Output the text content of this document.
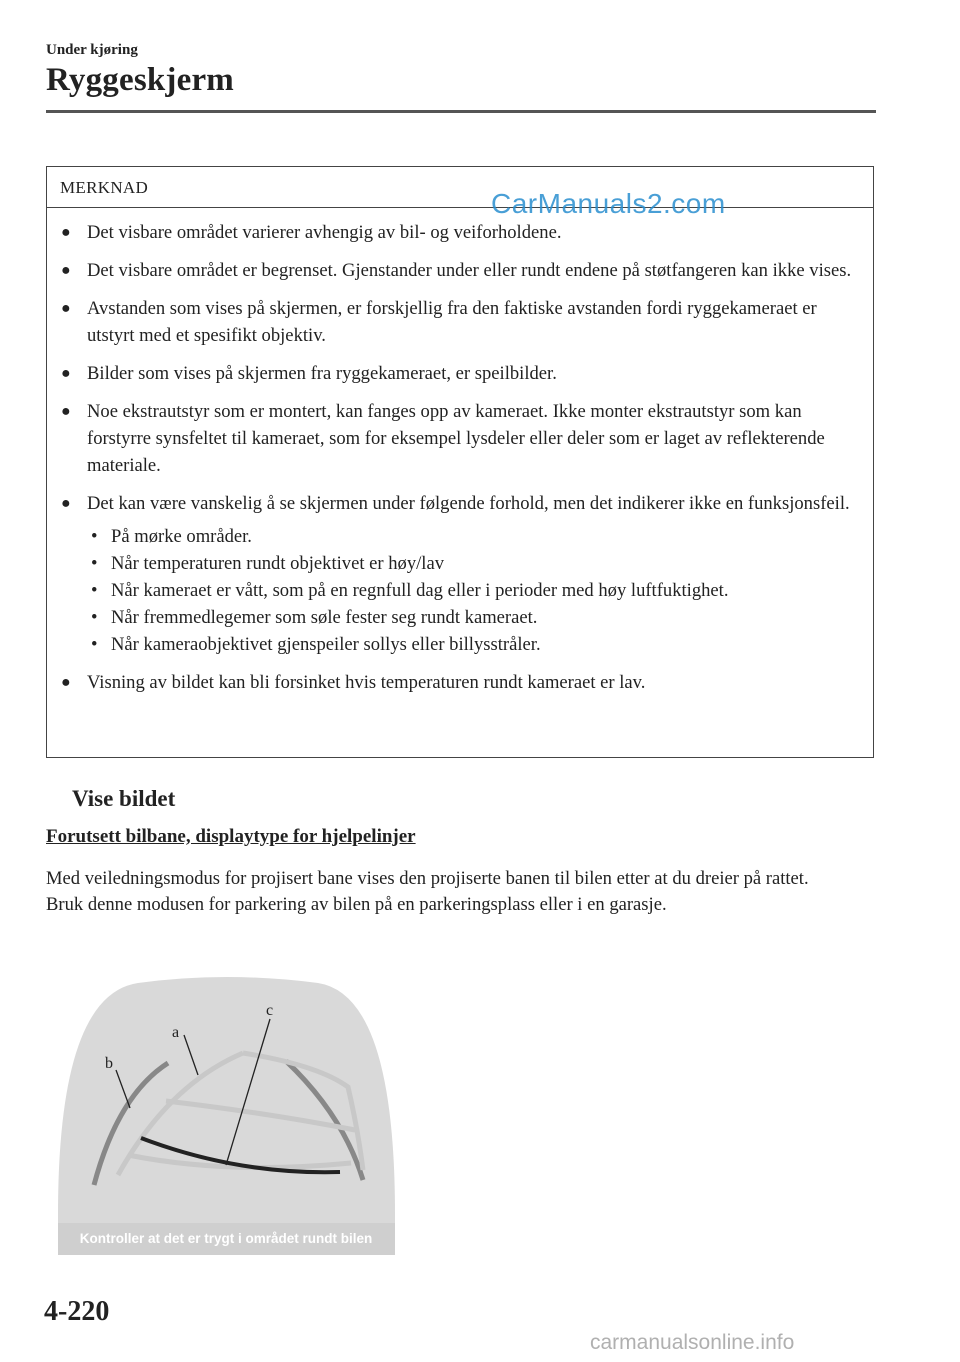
Under kjøring
Ryggeskjerm
MERKNAD
● Det visbare området varierer avhengig av bil- og veiforholdene.
● Det visbare området er begrenset. Gjenstander under eller rundt endene på støtfangeren kan ikke vises.
● Avstanden som vises på skjermen, er forskjellig fra den faktiske avstanden fordi ryggekameraet er utstyrt med et spesifikt objektiv.
● Bilder som vises på skjermen fra ryggekameraet, er speilbilder.
● Noe ekstrautstyr som er montert, kan fanges opp av kameraet. Ikke monter ekstrautstyr som kan forstyrre synsfeltet til kameraet, som for eksempel lysdeler eller deler som er laget av reflekterende materiale.
● Det kan være vanskelig å se skjermen under følgende forhold, men det indikerer ikke en funksjonsfeil.
• På mørke områder.
• Når temperaturen rundt objektivet er høy/lav
• Når kameraet er vått, som på en regnfull dag eller i perioder med høy luftfuktighet.
• Når fremmedlegemer som søle fester seg rundt kameraet.
• Når kameraobjektivet gjenspeiler sollys eller billysstråler.
● Visning av bildet kan bli forsinket hvis temperaturen rundt kameraet er lav.
CarManuals2.com
Vise bildet
Forutsett bilbane, displaytype for hjelpelinjer
Med veiledningsmodus for projisert bane vises den projiserte banen til bilen etter at du dreier på rattet.
Bruk denne modusen for parkering av bilen på en parkeringsplass eller i en garasje.
a
b
c
Kontroller at det er trygt i området rundt bilen
4-220
carmanualsonline.info
